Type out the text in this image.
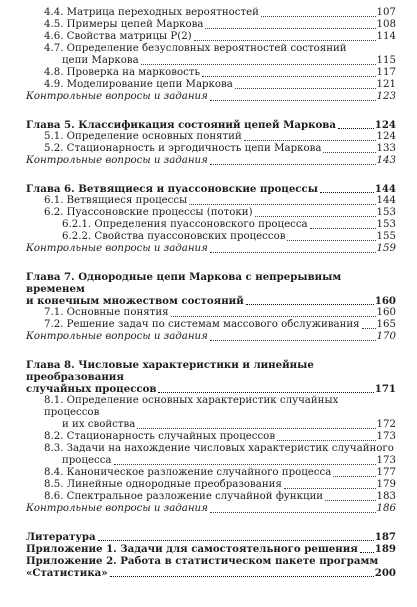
4.4. Матрица переходных вероятностей	107
4.5. Примеры цепей Маркова	108
4.6. Свойства матрицы P(2)	114
4.7. Определение безусловных вероятностей состояний
цепи Маркова	115
4.8. Проверка на марковость	117
4.9. Моделирование цепи Маркова	121
Контрольные вопросы и задания	123
Глава 5. Классификация состояний цепей Маркова	124
5.1. Определение основных понятий	124
5.2. Стационарность и эргодичность цепи Маркова	133
Контрольные вопросы и задания	143
Глава 6. Ветвящиеся и пуассоновские процессы	144
6.1. Ветвящиеся процессы	144
6.2. Пуассоновские процессы (потоки)	153
6.2.1. Определения пуассоновского процесса	153
6.2.2. Свойства пуассоновских процессов	155
Контрольные вопросы и задания	159
Глава 7. Однородные цепи Маркова с непрерывным временем
и конечным множеством состояний	160
7.1. Основные понятия	160
7.2. Решение задач по системам массового обслуживания 165
Контрольные вопросы и задания	170
Глава 8. Числовые характеристики и линейные преобразования
случайных процессов	171
8.1. Определение основных характеристик случайных процессов
и их свойства	172
8.2. Стационарность случайных процессов	173
8.3. Задачи на нахождение числовых характеристик случайного
процесса	173
8.4. Каноническое разложение случайного процесса	177
8.5. Линейные однородные преобразования	179
8.6. Спектральное разложение случайной функции	183
Контрольные вопросы и задания	186
Литература	187
Приложение 1. Задачи для самостоятельного решения 189
Приложение 2. Работа в статистическом пакете программ
«Статистика»	200
